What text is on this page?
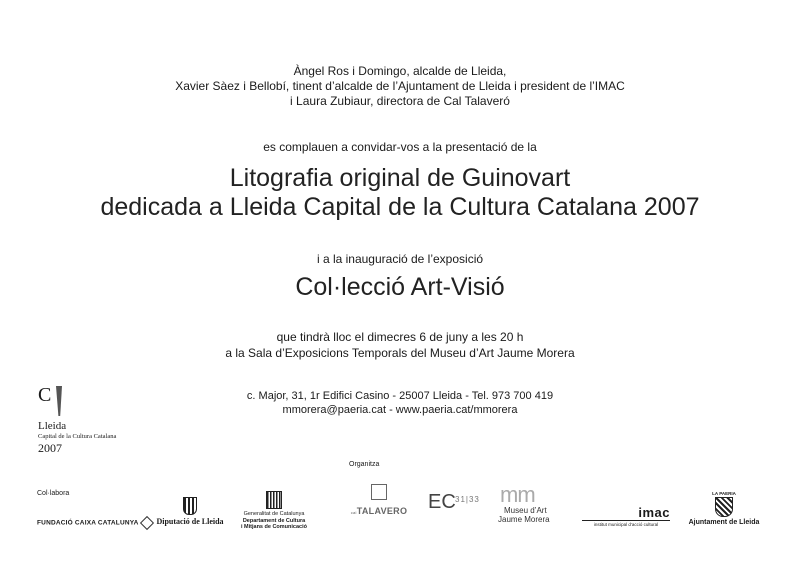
Àngel Ros i Domingo, alcalde de Lleida,
Xavier Sàez i Bellobí, tinent d’alcalde de l’Ajuntament de Lleida i president de l’IMAC
i Laura Zubiaur, directora de Cal Talaveró
es complauen a convidar-vos a la presentació de la
Litografia original de Guinovart
dedicada a Lleida Capital de la Cultura Catalana 2007
i a la inauguració de l’exposició
Col·lecció Art-Visió
que tindrà lloc el dimecres 6 de juny a les 20 h
a la Sala d’Exposicions Temporals del Museu d’Art Jaume Morera
c. Major, 31, 1r Edifici Casino - 25007 Lleida - Tel. 973 700 419
mmorera@paeria.cat - www.paeria.cat/mmorera
C
Lleida
Capital de la Cultura Catalana
2007
Organitza
Col·labora
FUNDACIÓ CAIXA CATALUNYA	Diputació de Lleida
Generalitat de Catalunya
Departament de Cultura
i Mitjans de Comunicació
calTALAVERO EC 31|33 mm
Museu d’Art
Jaume Morera	imac
institut municipal d’acció cultural
LA PAERIA
Ajuntament de Lleida
